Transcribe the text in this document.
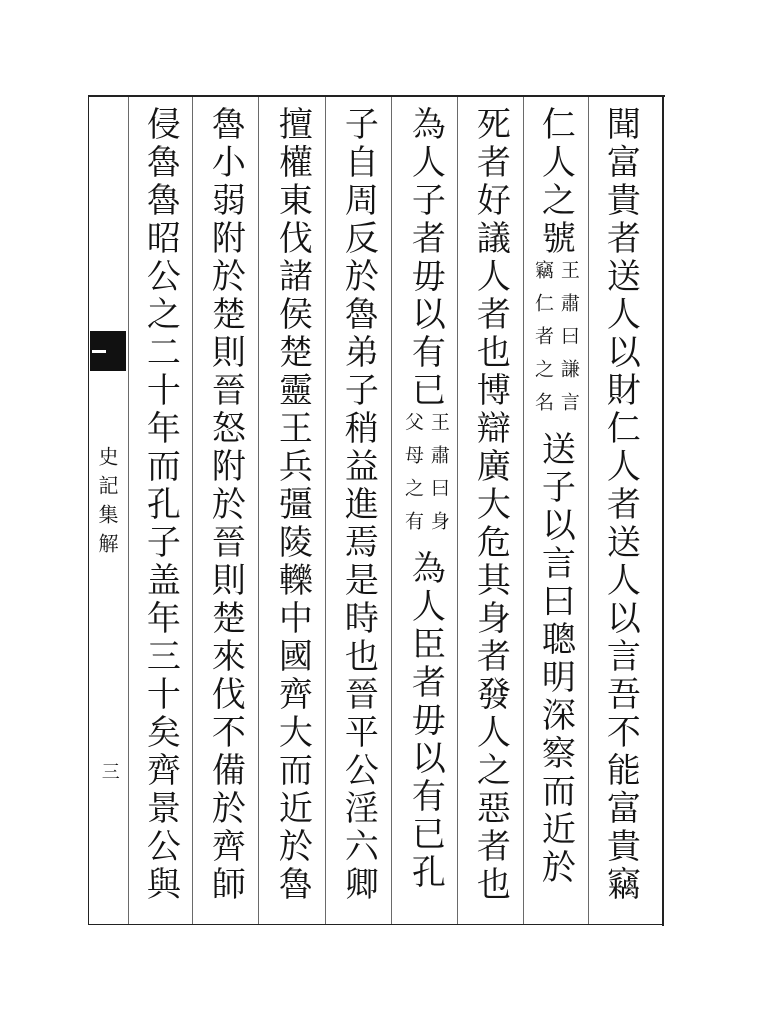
聞富貴者送人以財仁人者送人以言吾不能富貴竊
仁人之號
王肅曰謙言
竊仁者之名
送子以言曰聰明深察而近於
死者好議人者也博辯廣大危其身者發人之惡者也
為人子者毋以有已
王肅曰身
父母之有
為人臣者毋以有已孔
子自周反於魯弟子稍益進焉是時也晉平公淫六卿
擅權東伐諸侯楚靈王兵彊陵轢中國齊大而近於魯
魯小弱附於楚則晉怒附於晉則楚來伐不備於齊師
侵魯魯昭公之二十年而孔子盖年三十矣齊景公與
史記集解
三
